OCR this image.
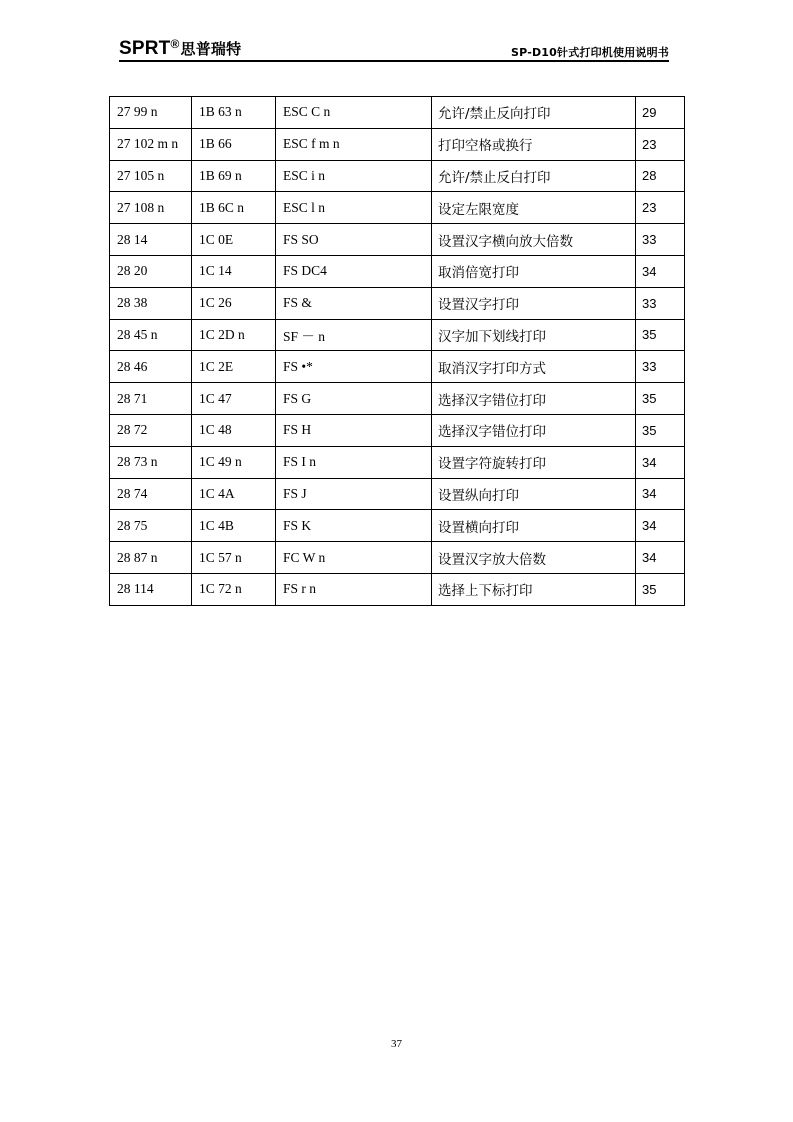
SPRT®思普瑞特	SP-D10针式打印机使用说明书
27 99 n	1B 63 n	ESC C n	允许/禁止反向打印	29
27 102 m n	1B 66	ESC f m n	打印空格或换行	23
27 105 n	1B 69 n	ESC i n	允许/禁止反白打印	28
27 108 n	1B 6C n	ESC l n	设定左限宽度	23
28 14	1C 0E	FS SO	设置汉字横向放大倍数	33
28 20	1C 14	FS DC4	取消倍宽打印	34
28 38	1C 26	FS &	设置汉字打印	33
28 45 n	1C 2D n	SF － n	汉字加下划线打印	35
28 46	1C 2E	FS •*	取消汉字打印方式	33
28 71	1C 47	FS G	选择汉字错位打印	35
28 72	1C 48	FS H	选择汉字错位打印	35
28 73 n	1C 49 n	FS I n	设置字符旋转打印	34
28 74	1C 4A	FS J	设置纵向打印	34
28 75	1C 4B	FS K	设置横向打印	34
28 87 n	1C 57 n	FC W n	设置汉字放大倍数	34
28 114	1C 72 n	FS r n	选择上下标打印	35
37
